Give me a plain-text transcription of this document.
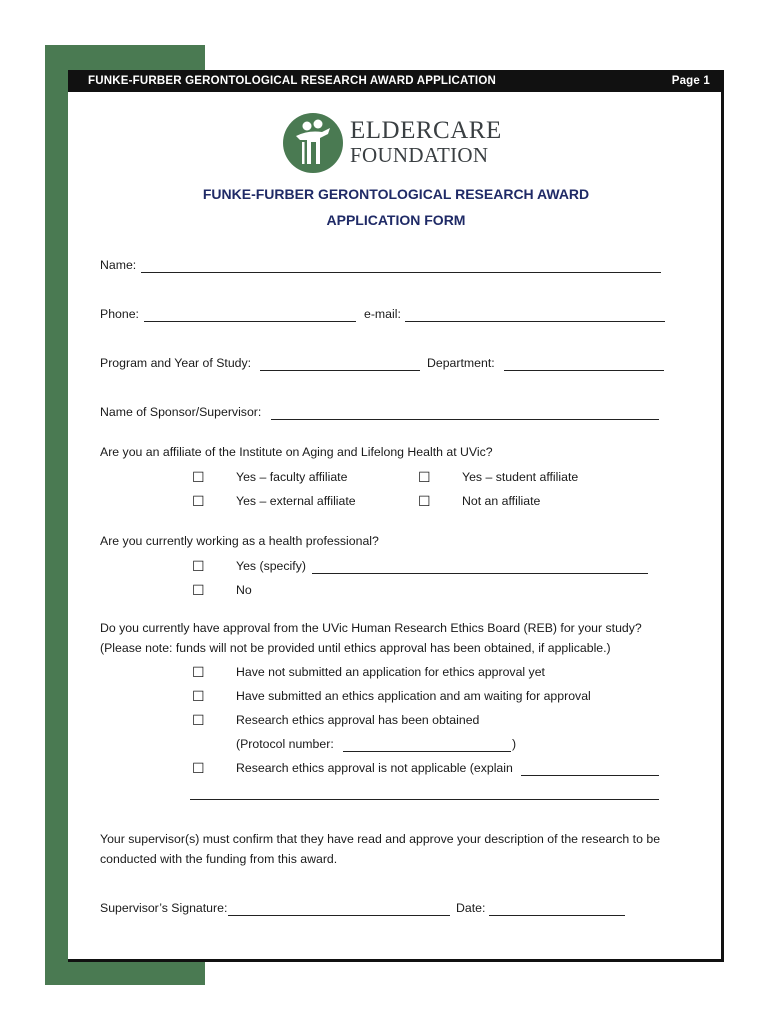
FUNKE-FURBER GERONTOLOGICAL RESEARCH AWARD APPLICATION	Page 1
ELDERCARE
FOUNDATION
FUNKE-FURBER GERONTOLOGICAL RESEARCH AWARD
APPLICATION FORM
Name:
Phone:	e-mail:
Program and Year of Study:	Department:
Name of Sponsor/Supervisor:
Are you an affiliate of the Institute on Aging and Lifelong Health at UVic?
☐	Yes – faculty affiliate	☐	Yes – student affiliate
☐	Yes – external affiliate	☐	Not an affiliate
Are you currently working as a health professional?
☐	Yes (specify)
☐	No
Do you currently have approval from the UVic Human Research Ethics Board (REB) for your study?
(Please note: funds will not be provided until ethics approval has been obtained, if applicable.)
☐	Have not submitted an application for ethics approval yet
☐	Have submitted an ethics application and am waiting for approval
☐	Research ethics approval has been obtained
(Protocol number:	)
☐	Research ethics approval is not applicable (explain
Your supervisor(s) must confirm that they have read and approve your description of the research to be
conducted with the funding from this award.
Supervisor’s Signature:	Date:
